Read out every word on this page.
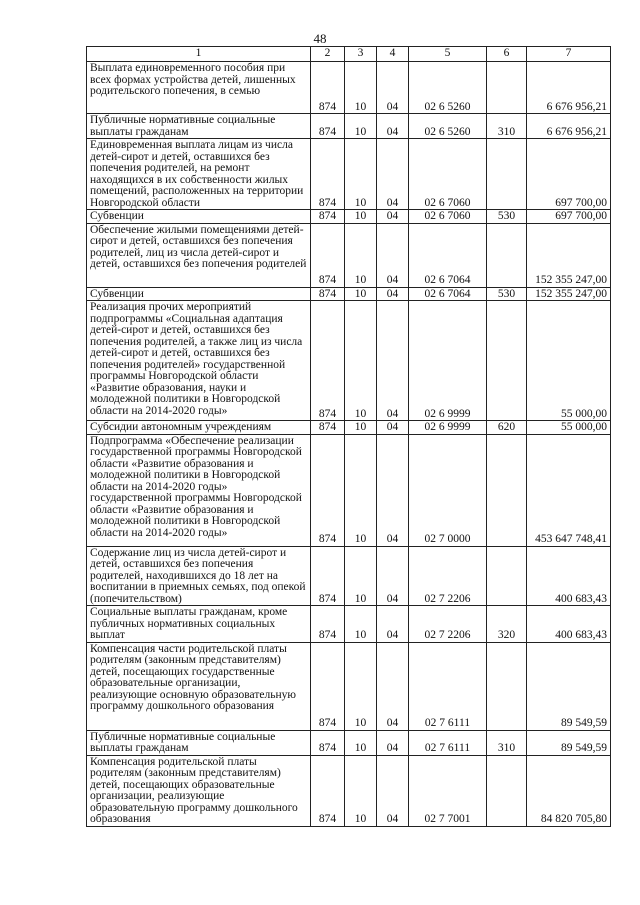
48
1	2	3	4	5	6	7
Выплата единовременного пособия при всех формах устройства детей, лишенных родительского попечения, в семью	874	10	04	02 6 5260		6 676 956,21
Публичные нормативные социальные выплаты гражданам	874	10	04	02 6 5260	310	6 676 956,21
Единовременная выплата лицам из числа детей-сирот и детей, оставшихся без попечения родителей, на ремонт находящихся в их собственности жилых помещений, расположенных на территории Новгородской области	874	10	04	02 6 7060		697 700,00
Субвенции	874	10	04	02 6 7060	530	697 700,00
Обеспечение жилыми помещениями детей-сирот и детей, оставшихся без попечения родителей, лиц из числа детей-сирот и детей, оставшихся без попечения родителей	874	10	04	02 6 7064		152 355 247,00
Субвенции	874	10	04	02 6 7064	530	152 355 247,00
Реализация прочих мероприятий подпрограммы «Социальная адаптация детей-сирот и детей, оставшихся без попечения родителей, а также лиц из числа детей-сирот и детей, оставшихся без попечения родителей» государственной программы Новгородской области «Развитие образования, науки и молодежной политики в Новгородской области на 2014-2020 годы»	874	10	04	02 6 9999		55 000,00
Субсидии автономным учреждениям	874	10	04	02 6 9999	620	55 000,00
Подпрограмма «Обеспечение реализации государственной программы Новгородской области «Развитие образования и молодежной политики в Новгородской области на 2014-2020 годы» государственной программы Новгородской области «Развитие образования и молодежной политики в Новгородской области на 2014-2020 годы»	874	10	04	02 7 0000		453 647 748,41
Содержание лиц из числа детей-сирот и детей, оставшихся без попечения родителей, находившихся до 18 лет на воспитании в приемных семьях, под опекой (попечительством)	874	10	04	02 7 2206		400 683,43
Социальные выплаты гражданам, кроме публичных нормативных социальных выплат	874	10	04	02 7 2206	320	400 683,43
Компенсация части родительской платы родителям (законным представителям) детей, посещающих государственные образовательные организации, реализующие основную образовательную программу дошкольного образования	874	10	04	02 7 6111		89 549,59
Публичные нормативные социальные выплаты гражданам	874	10	04	02 7 6111	310	89 549,59
Компенсация родительской платы родителям (законным представителям) детей, посещающих образовательные организации, реализующие образовательную программу дошкольного образования	874	10	04	02 7 7001		84 820 705,80
